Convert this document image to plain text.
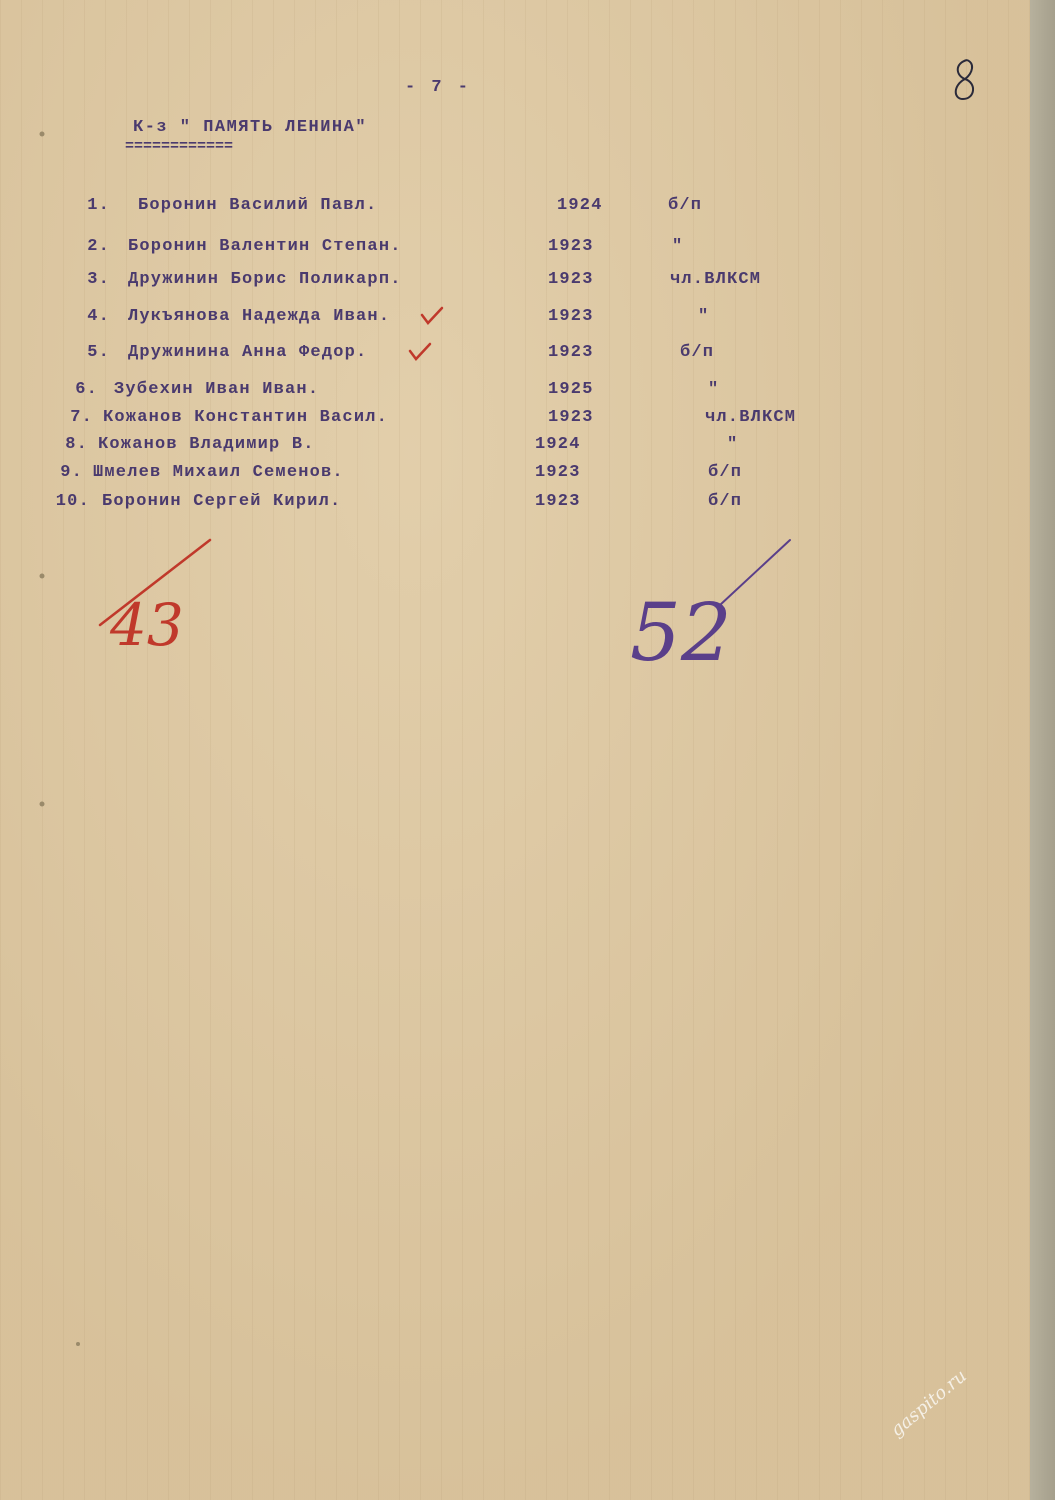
- 7 -
К-з " ПАМЯТЬ ЛЕНИНА"
============
1. Боронин Василий Павл.	1924	б/п
2. Боронин Валентин Степан.	1923	"
3. Дружинин Борис Поликарп.	1923	чл.ВЛКСМ
4. Лукъянова Надежда Иван.	1923	"
5. Дружинина Анна Федор.	1923	б/п
6. Зубехин Иван Иван.	1925	"
7. Кожанов Константин Васил.	1923	чл.ВЛКСМ
8. Кожанов Владимир В.	1924	"
9. Шмелев Михаил Семенов.	1923	б/п
10. Боронин Сергей Кирил.	1923	б/п
43	52
gaspito.ru
